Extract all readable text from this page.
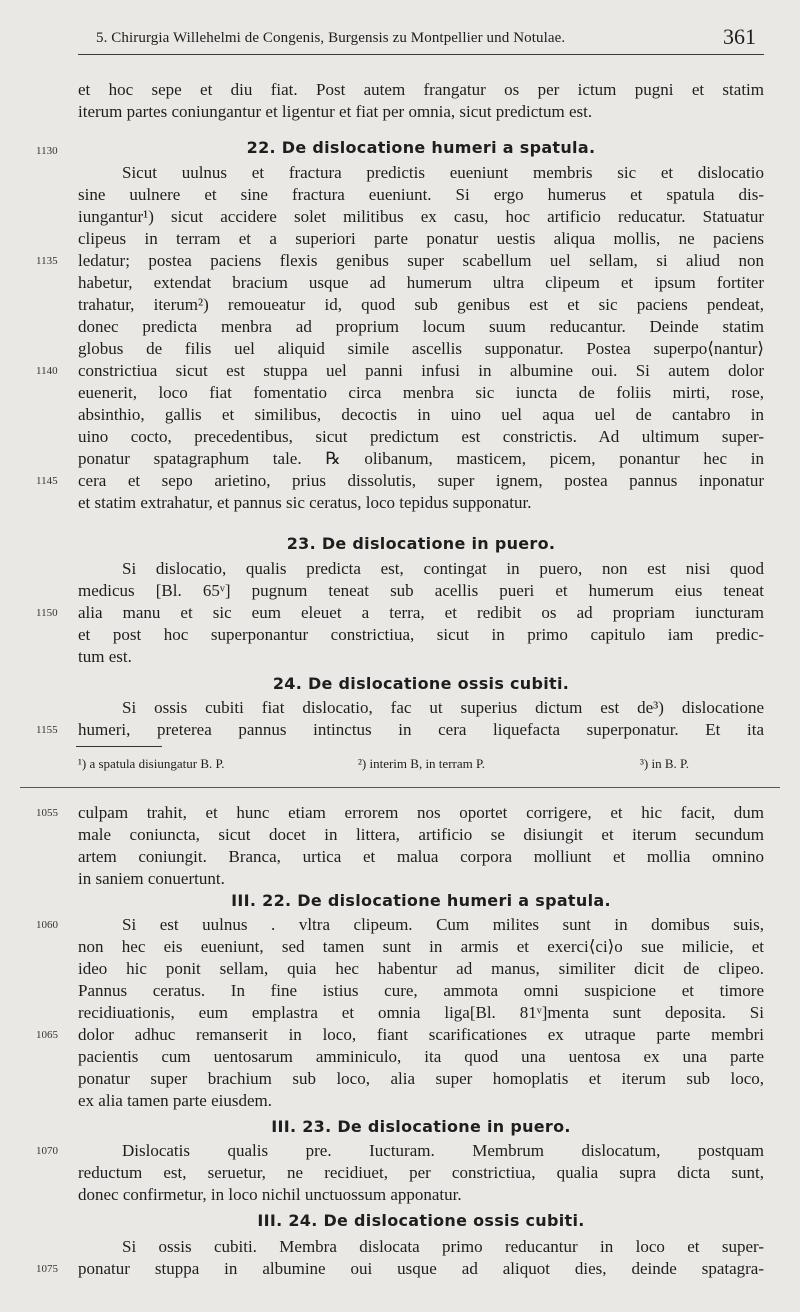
5. Chirurgia Willehelmi de Congenis, Burgensis zu Montpellier und Notulae.	361
et hoc sepe et diu fiat. Post autem frangatur os per ictum pugni et statim
iterum partes coniungantur et ligentur et fiat per omnia, sicut predictum est.
1130	22. De dislocatione humeri a spatula.
Sicut uulnus et fractura predictis eueniunt membris sic et dislocatio
sine uulnere et sine fractura eueniunt. Si ergo humerus et spatula dis-
iungantur¹) sicut accidere solet militibus ex casu, hoc artificio reducatur. Statuatur
clipeus in terram et a superiori parte ponatur uestis aliqua mollis, ne paciens
1135 ledatur; postea paciens flexis genibus super scabellum uel sellam, si aliud non
habetur, extendat bracium usque ad humerum ultra clipeum et ipsum fortiter
trahatur, iterum²) remoueatur id, quod sub genibus est et sic paciens pendeat,
donec predicta menbra ad proprium locum suum reducantur. Deinde statim
globus de filis uel aliquid simile ascellis supponatur. Postea superpo⟨nantur⟩
1140 constrictiua sicut est stuppa uel panni infusi in albumine oui. Si autem dolor
euenerit, loco fiat fomentatio circa menbra sic iuncta de foliis mirti, rose,
absinthio, gallis et similibus, decoctis in uino uel aqua uel de cantabro in
uino cocto, precedentibus, sicut predictum est constrictis. Ad ultimum super-
ponatur spatagraphum tale. ℞ olibanum, masticem, picem, ponantur hec in
1145 cera et sepo arietino, prius dissolutis, super ignem, postea pannus inponatur
et statim extrahatur, et pannus sic ceratus, loco tepidus supponatur.
23. De dislocatione in puero.
Si dislocatio, qualis predicta est, contingat in puero, non est nisi quod
medicus [Bl. 65ᵛ] pugnum teneat sub acellis pueri et humerum eius teneat
1150 alia manu et sic eum eleuet a terra, et redibit os ad propriam iuncturam
et post hoc superponantur constrictiua, sicut in primo capitulo iam predic-
tum est.
24. De dislocatione ossis cubiti.
Si ossis cubiti fiat dislocatio, fac ut superius dictum est de³) dislocatione
1155 humeri, preterea pannus intinctus in cera liquefacta superponatur. Et ita
¹) a spatula disiungatur B. P.	²) interim B, in terram P.	³) in B. P.
1055 culpam trahit, et hunc etiam errorem nos oportet corrigere, et hic facit, dum
male coniuncta, sicut docet in littera, artificio se disiungit et iterum secundum
artem coniungit. Branca, urtica et malua corpora molliunt et mollia omnino
in saniem conuertunt.
III. 22. De dislocatione humeri a spatula.
1060	Si est uulnus . vltra clipeum. Cum milites sunt in domibus suis,
non hec eis eueniunt, sed tamen sunt in armis et exerci⟨ci⟩o sue milicie, et
ideo hic ponit sellam, quia hec habentur ad manus, similiter dicit de clipeo.
Pannus ceratus. In fine istius cure, ammota omni suspicione et timore
recidiuationis, eum emplastra et omnia liga[Bl. 81ᵛ]menta sunt deposita. Si
1065 dolor adhuc remanserit in loco, fiant scarificationes ex utraque parte membri
pacientis cum uentosarum amminiculo, ita quod una uentosa ex una parte
ponatur super brachium sub loco, alia super homoplatis et iterum sub loco,
ex alia tamen parte eiusdem.
III. 23. De dislocatione in puero.
1070	Dislocatis qualis pre. Iucturam. Membrum dislocatum, postquam
reductum est, seruetur, ne recidiuet, per constrictiua, qualia supra dicta sunt,
donec confirmetur, in loco nichil unctuossum apponatur.
III. 24. De dislocatione ossis cubiti.
Si ossis cubiti. Membra dislocata primo reducantur in loco et super-
1075 ponatur stuppa in albumine oui usque ad aliquot dies, deinde spatagra-
